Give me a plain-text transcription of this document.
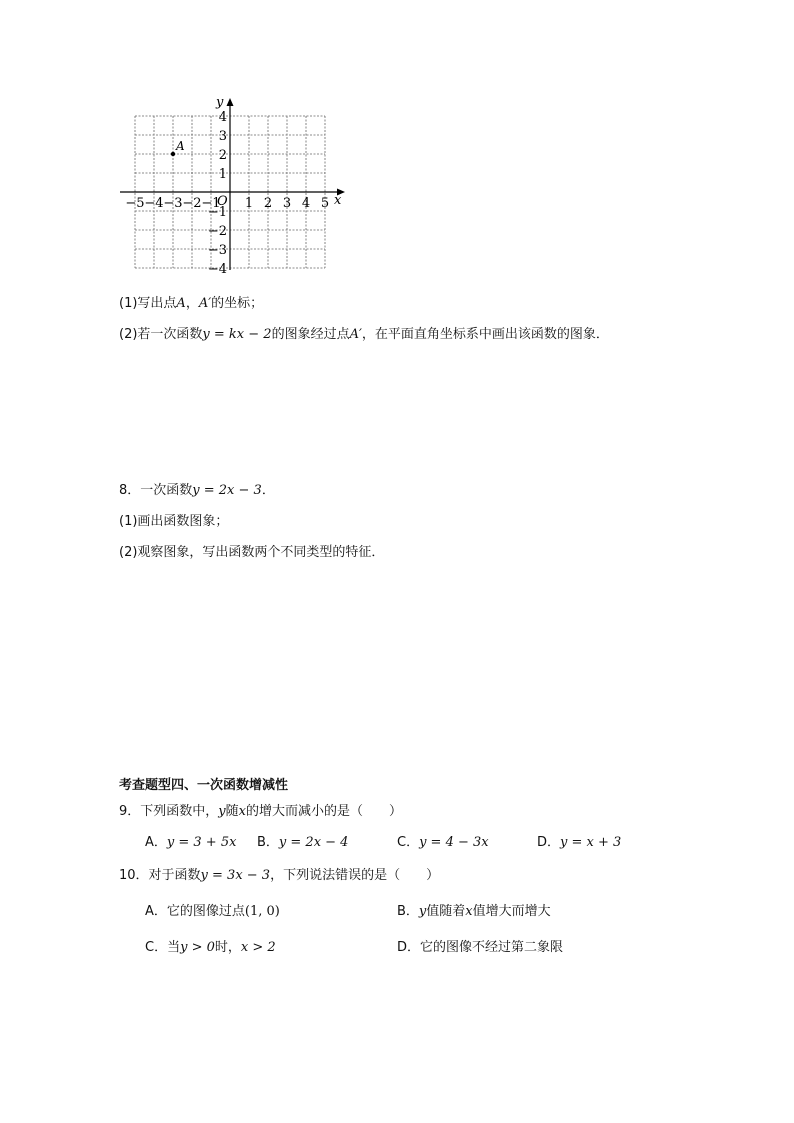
−5 −4 −3 −2 −1 1 2 3 4 5
4
3
2
1
−1
−2
−3
−4
x
y
O
A
(1)写出点A，A′的坐标；
(2)若一次函数y = kx − 2的图象经过点A′，在平面直角坐标系中画出该函数的图象．
8．一次函数y = 2x − 3．
(1)画出函数图象；
(2)观察图象，写出函数两个不同类型的特征．
考查题型四、一次函数增减性
9．下列函数中，y随x的增大而减小的是（　　）
A．y = 3 + 5x B．y = 2x − 4	C．y = 4 − 3x	D．y = x + 3
10．对于函数y = 3x − 3，下列说法错误的是（　　）
A．它的图像过点(1, 0)	B．y值随着x值增大而增大
C．当y > 0时，x > 2	D．它的图像不经过第二象限
